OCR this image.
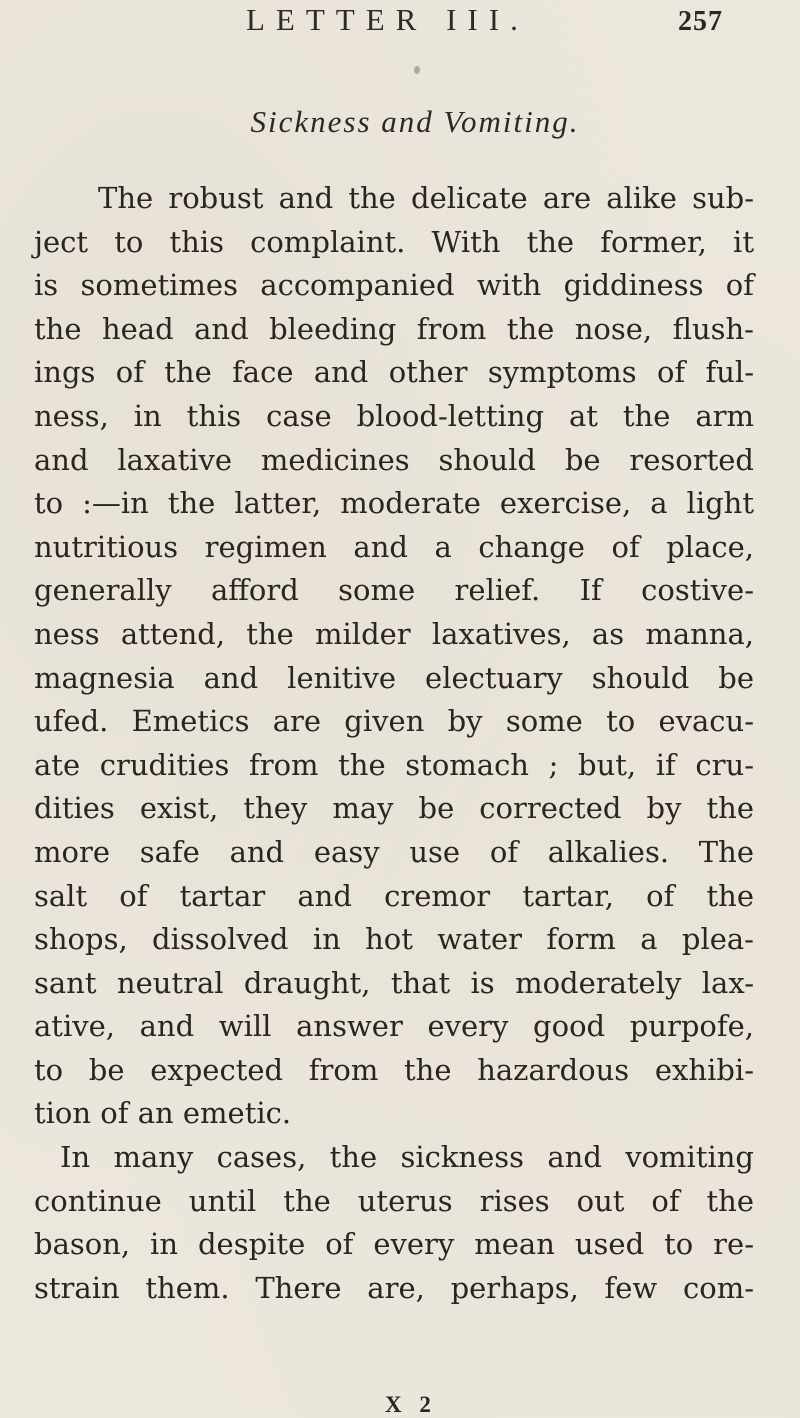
LETTER III.	257
Sickness and Vomiting.
The robust and the delicate are alike sub-
ject to this complaint. With the former, it
is sometimes accompanied with giddiness of
the head and bleeding from the nose, flush-
ings of the face and other symptoms of ful-
ness, in this case blood-letting at the arm
and laxative medicines should be resorted
to :—in the latter, moderate exercise, a light
nutritious regimen and a change of place,
generally afford some relief. If costive-
ness attend, the milder laxatives, as manna,
magnesia and lenitive electuary should be
ufed. Emetics are given by some to evacu-
ate crudities from the stomach ; but, if cru-
dities exist, they may be corrected by the
more safe and easy use of alkalies. The
salt of tartar and cremor tartar, of the
shops, dissolved in hot water form a plea-
sant neutral draught, that is moderately lax-
ative, and will answer every good purpofe,
to be expected from the hazardous exhibi-
tion of an emetic.
In many cases, the sickness and vomiting
continue until the uterus rises out of the
bason, in despite of every mean used to re-
strain them. There are, perhaps, few com-
X 2
